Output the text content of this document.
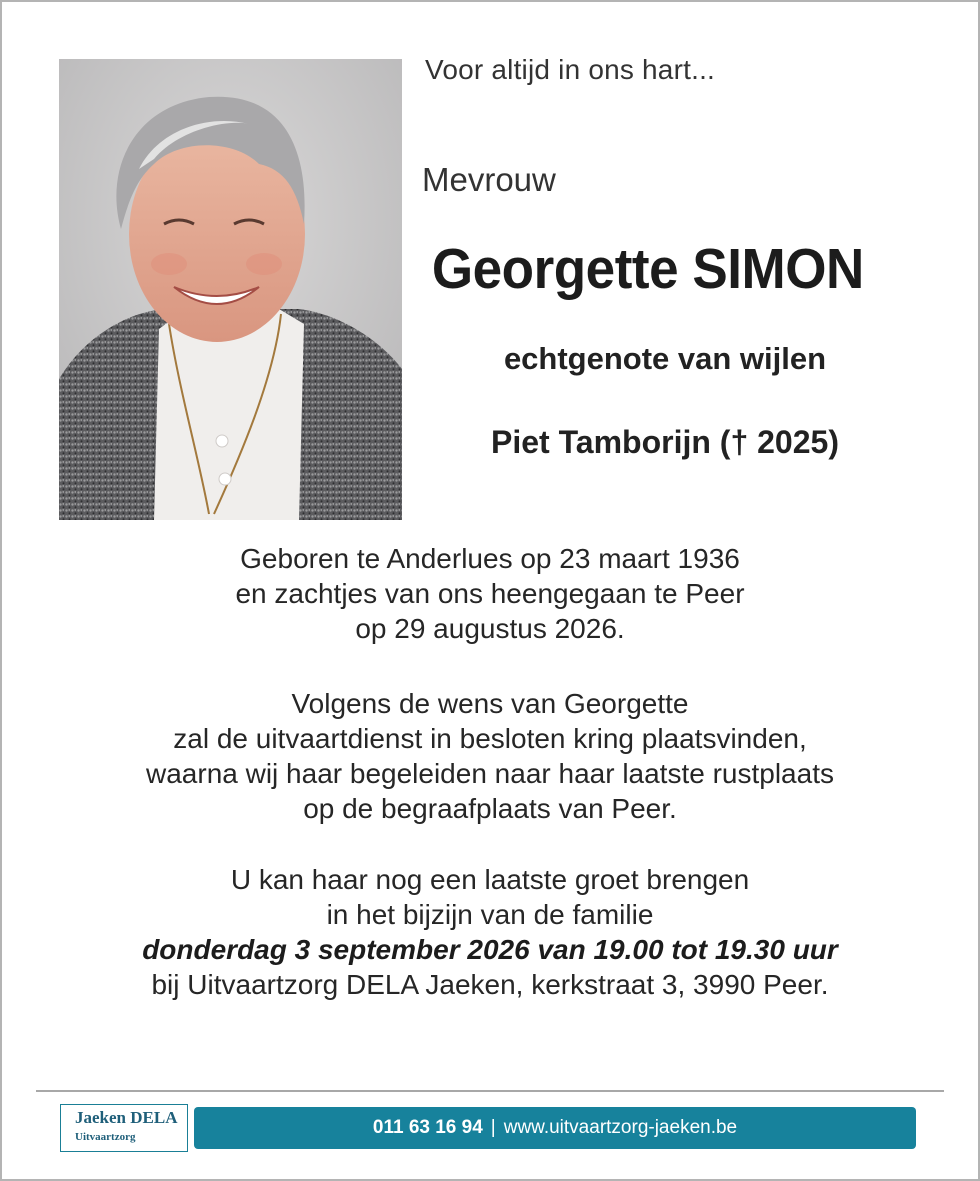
Voor altijd in ons hart...
Mevrouw
Georgette SIMON
echtgenote van wijlen
Piet Tamborijn († 2025)

Geboren te Anderlues op 23 maart 1936

en zachtjes van ons heengegaan te Peer

op 29 augustus 2026.

Volgens de wens van Georgette

zal de uitvaartdienst in besloten kring plaatsvinden,

waarna wij haar begeleiden naar haar laatste rustplaats

op de begraafplaats van Peer.

U kan haar nog een laatste groet brengen

in het bijzijn van de familie

donderdag 3 september 2026 van 19.00 tot 19.30 uur

bij Uitvaartzorg DELA Jaeken, kerkstraat 3, 3990 Peer.

Jaeken DELA
Uitvaartzorg	011 63 16 94 | www.uitvaartzorg-jaeken.be
